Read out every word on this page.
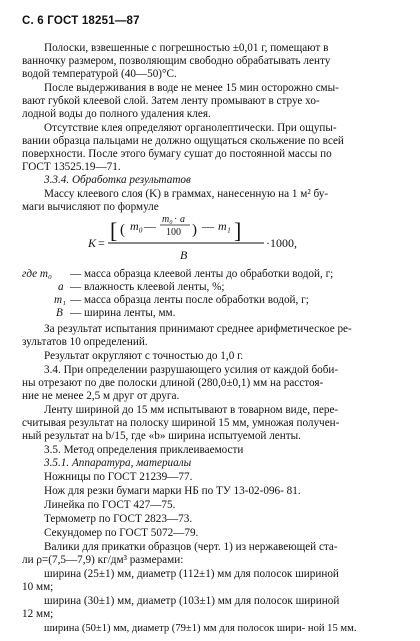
С. 6 ГОСТ 18251—87
Полоски, взвешенные с погрешностью ±0,01 г, помещают в
ванночку размером, позволяющим свободно обрабатывать ленту
водой температурой (40—50)°С.
После выдерживания в воде не менее 15 мин осторожно смы-
вают губкой клеевой слой. Затем ленту промывают в струе хо-
лодной воды до полного удаления клея.
Отсутствие клея определяют органолептически. При ощупы-
вании образца пальцами не должно ощущаться скольжение по всей
поверхности. После этого бумагу сушат до постоянной массы по
ГОСТ 13525.19—71.
3.3.4. Обработка результатов
Массу клеевого слоя (K) в граммах, нанесенную на 1 м² бу-
маги вычисляют по формуле
K = [ ( m₀ — m₀ · a
100 ) — m₁ ]
B
·1000,
где m₀ — масса образца клеевой ленты до обработки водой, г;
a — влажность клеевой ленты, %;
m₁ — масса образца ленты после обработки водой, г;
B — ширина ленты, мм.
За результат испытания принимают среднее арифметическое ре-
зультатов 10 определений.
Результат округляют с точностью до 1,0 г.
3.4. При определении разрушающего усилия от каждой боби-
ны отрезают по две полоски длиной (280,0±0,1) мм на расстоя-
ние не менее 2,5 м друг от друга.
Ленту шириной до 15 мм испытывают в товарном виде, пере-
считывая результат на полоску шириной 15 мм, умножая получен-
ный результат на b/15, где «b» ширина испытуемой ленты.
3.5. Метод определения приклеиваемости
3.5.1. Аппаратура, материалы
Ножницы по ГОСТ 21239—77.
Нож для резки бумаги марки НБ по ТУ 13-02-096- 81.
Линейка по ГОСТ 427—75.
Термометр по ГОСТ 2823—73.
Секундомер по ГОСТ 5072—79.
Валики для прикатки образцов (черт. 1) из нержавеющей ста-
ли ρ=(7,5—7,9) кг/дм³ размерами:
ширина (25±1) мм, диаметр (112±1) мм для полосок шириной
10 мм;
ширина (30±1) мм, диаметр (103±1) мм для полосок шириной
12 мм;
ширина (50±1) мм, диаметр (79±1) мм для полосок шири- ной 15 мм.
